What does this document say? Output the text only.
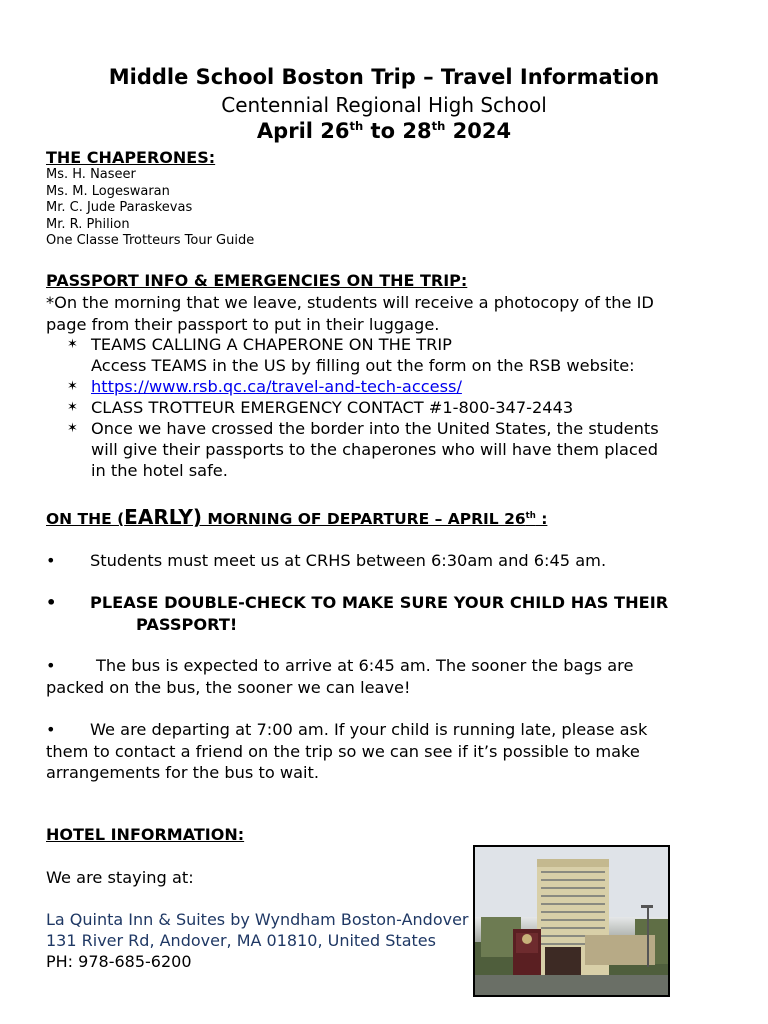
Middle School Boston Trip – Travel Information
Centennial Regional High School
April 26th to 28th 2024
THE CHAPERONES:
Ms. H. Naseer
Ms. M. Logeswaran
Mr. C. Jude Paraskevas
Mr. R. Philion
One Classe Trotteurs Tour Guide
PASSPORT INFO & EMERGENCIES ON THE TRIP:
*On the morning that we leave, students will receive a photocopy of the ID
page from their passport to put in their luggage.
✶ TEAMS CALLING A CHAPERONE ON THE TRIP
Access TEAMS in the US by filling out the form on the RSB website:
✶ https://www.rsb.qc.ca/travel-and-tech-access/
✶ CLASS TROTTEUR EMERGENCY CONTACT #1-800-347-2443
✶ Once we have crossed the border into the United States, the students
will give their passports to the chaperones who will have them placed
in the hotel safe.
ON THE (EARLY) MORNING OF DEPARTURE – APRIL 26th :
• Students must meet us at CRHS between 6:30am and 6:45 am.
• PLEASE DOUBLE-CHECK TO MAKE SURE YOUR CHILD HAS THEIR
PASSPORT!
• The bus is expected to arrive at 6:45 am. The sooner the bags are
packed on the bus, the sooner we can leave!
• We are departing at 7:00 am. If your child is running late, please ask
them to contact a friend on the trip so we can see if it’s possible to make
arrangements for the bus to wait.
HOTEL INFORMATION:
We are staying at:
La Quinta Inn & Suites by Wyndham Boston-Andover
131 River Rd, Andover, MA 01810, United States
PH: 978-685-6200
